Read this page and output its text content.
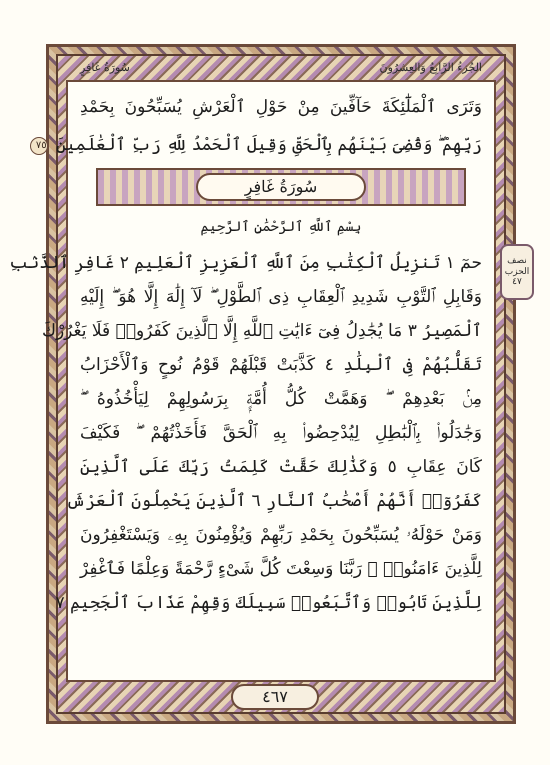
الجُزءُ الرَّابِعُ وَالعِشرُونَ
سُورَةُ غَافِرٍ
نصف
الحزب
٤٧
وَتَرَى ٱلْمَلَٰٓئِكَةَ حَآفِّينَ مِنْ حَوْلِ ٱلْعَرْشِ يُسَبِّحُونَ بِحَمْدِ
رَبِّهِمْ ۖ وَقُضِىَ بَيْنَهُم بِٱلْحَقِّ وَقِيلَ ٱلْحَمْدُ لِلَّهِ رَبِّ ٱلْعَٰلَمِينَ ٧٥
سُورَةُ غَافِرٍ
بِسْمِ ٱللَّهِ ٱلرَّحْمَٰنِ ٱلرَّحِيمِ
حمٓ ١ تَنزِيلُ ٱلْكِتَٰبِ مِنَ ٱللَّهِ ٱلْعَزِيزِ ٱلْعَلِيمِ ٢ غَافِرِ ٱلذَّنۢبِ
وَقَابِلِ ٱلتَّوْبِ شَدِيدِ ٱلْعِقَابِ ذِى ٱلطَّوْلِ ۖ لَآ إِلَٰهَ إِلَّا هُوَ ۖ إِلَيْهِ
ٱلْمَصِيرُ ٣ مَا يُجَٰدِلُ فِىٓ ءَايَٰتِ ٱللَّهِ إِلَّا ٱلَّذِينَ كَفَرُوا۟ فَلَا يَغْرُرْكَ
تَقَلُّبُهُمْ فِى ٱلْبِلَٰدِ ٤ كَذَّبَتْ قَبْلَهُمْ قَوْمُ نُوحٍ وَٱلْأَحْزَابُ
مِنۢ بَعْدِهِمْ ۖ وَهَمَّتْ كُلُّ أُمَّةٍۭ بِرَسُولِهِمْ لِيَأْخُذُوهُ ۖ
وَجَٰدَلُوا۟ بِٱلْبَٰطِلِ لِيُدْحِضُوا۟ بِهِ ٱلْحَقَّ فَأَخَذْتُهُمْ ۖ فَكَيْفَ
كَانَ عِقَابِ ٥ وَكَذَٰلِكَ حَقَّتْ كَلِمَتُ رَبِّكَ عَلَى ٱلَّذِينَ
كَفَرُوٓا۟ أَنَّهُمْ أَصْحَٰبُ ٱلنَّارِ ٦ ٱلَّذِينَ يَحْمِلُونَ ٱلْعَرْشَ
وَمَنْ حَوْلَهُۥ يُسَبِّحُونَ بِحَمْدِ رَبِّهِمْ وَيُؤْمِنُونَ بِهِۦ وَيَسْتَغْفِرُونَ
لِلَّذِينَ ءَامَنُوا۟ ۖ رَبَّنَا وَسِعْتَ كُلَّ شَىْءٍ رَّحْمَةً وَعِلْمًا فَٱغْفِرْ
لِلَّذِينَ تَابُوا۟ وَٱتَّبَعُوا۟ سَبِيلَكَ وَقِهِمْ عَذَابَ ٱلْجَحِيمِ ٧
٤٦٧
